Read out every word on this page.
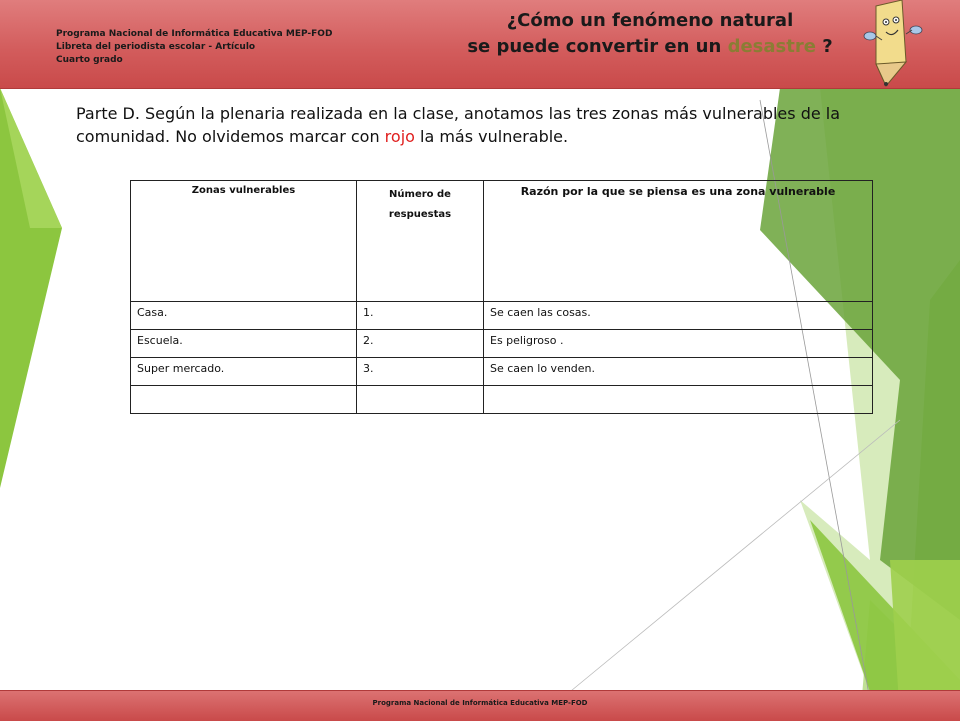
Programa Nacional de Informática Educativa MEP-FOD
Libreta del periodista escolar - Artículo
Cuarto grado
¿Cómo un fenómeno natural
se puede convertir en un desastre ?
Parte D. Según la plenaria realizada en la clase, anotamos las tres zonas más vulnerables de la comunidad. No olvidemos marcar con rojo la más vulnerable.
Zonas vulnerables	Número de respuestas	Razón por la que se piensa es una zona vulnerable
Casa.	1.	Se caen las cosas.
Escuela.	2.	Es peligroso .
Super mercado.	3.	Se caen lo venden.

Programa Nacional de Informática Educativa MEP-FOD
